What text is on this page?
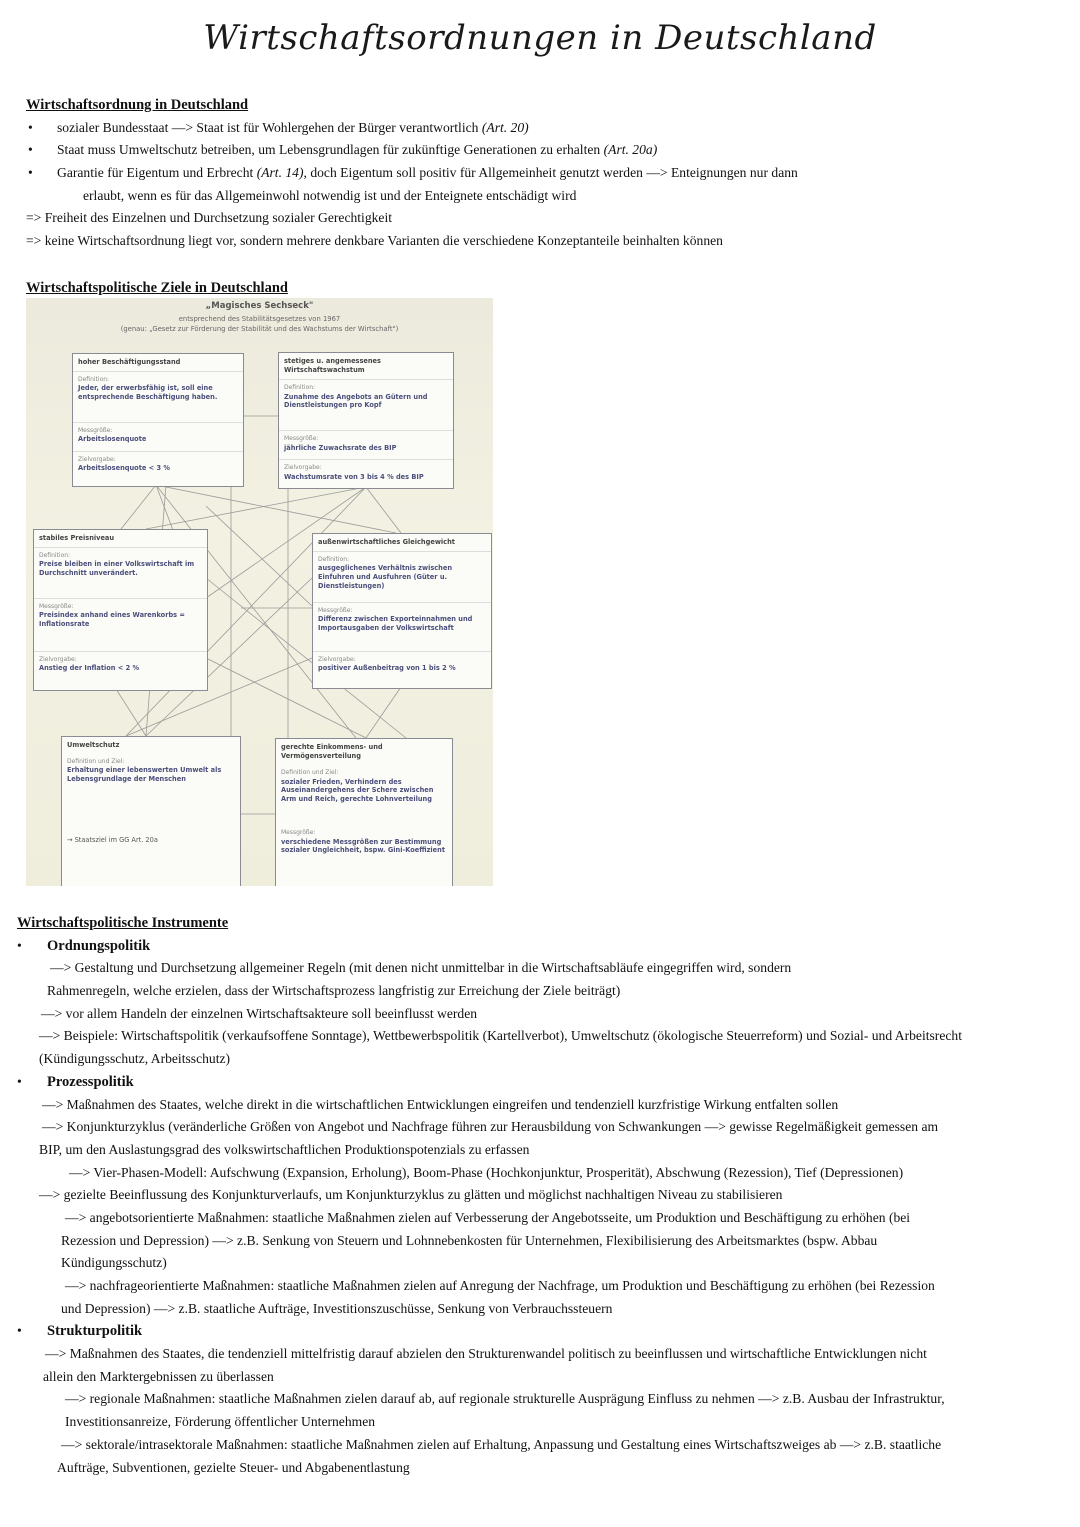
Wirtschaftsordnungen in Deutschland
Wirtschaftsordnung in Deutschland
• sozialer Bundesstaat —> Staat ist für Wohlergehen der Bürger verantwortlich (Art. 20)
• Staat muss Umweltschutz betreiben, um Lebensgrundlagen für zukünftige Generationen zu erhalten (Art. 20a)
• Garantie für Eigentum und Erbrecht (Art. 14), doch Eigentum soll positiv für Allgemeinheit genutzt werden —> Enteignungen nur dann
erlaubt, wenn es für das Allgemeinwohl notwendig ist und der Enteignete entschädigt wird
=> Freiheit des Einzelnen und Durchsetzung sozialer Gerechtigkeit
=> keine Wirtschaftsordnung liegt vor, sondern mehrere denkbare Varianten die verschiedene Konzeptanteile beinhalten können
Wirtschaftspolitische Ziele in Deutschland
„Magisches Sechseck"
entsprechend des Stabilitätsgesetzes von 1967
(genau: „Gesetz zur Förderung der Stabilität und des Wachstums der Wirtschaft")
hoher Beschäftigungsstand
Definition:
Jeder, der erwerbsfähig ist, soll eine entsprechende Beschäftigung haben.
Messgröße:
Arbeitslosenquote
Zielvorgabe:
Arbeitslosenquote < 3 %
stetiges u. angemessenes Wirtschaftswachstum
Definition:
Zunahme des Angebots an Gütern und Dienstleistungen pro Kopf
Messgröße:
jährliche Zuwachsrate des BIP
Zielvorgabe:
Wachstumsrate von 3 bis 4 % des BIP
stabiles Preisniveau
Definition:
Preise bleiben in einer Volkswirtschaft im Durchschnitt unverändert.
Messgröße:
Preisindex anhand eines Warenkorbs = Inflationsrate
Zielvorgabe:
Anstieg der Inflation < 2 %
außenwirtschaftliches Gleichgewicht
Definition:
ausgeglichenes Verhältnis zwischen Einfuhren und Ausfuhren (Güter u. Dienstleistungen)
Messgröße:
Differenz zwischen Exporteinnahmen und Importausgaben der Volkswirtschaft
Zielvorgabe:
positiver Außenbeitrag von 1 bis 2 %
Umweltschutz
Definition und Ziel:
Erhaltung einer lebenswerten Umwelt als Lebensgrundlage der Menschen
→ Staatsziel im GG Art. 20a
gerechte Einkommens- und Vermögensverteilung
Definition und Ziel:
sozialer Frieden, Verhindern des Auseinandergehens der Schere zwischen Arm und Reich, gerechte Lohnverteilung
Messgröße:
verschiedene Messgrößen zur Bestimmung sozialer Ungleichheit, bspw. Gini-Koeffizient
Wirtschaftspolitische Instrumente
• Ordnungspolitik
—> Gestaltung und Durchsetzung allgemeiner Regeln (mit denen nicht unmittelbar in die Wirtschaftsabläufe eingegriffen wird, sondern
Rahmenregeln, welche erzielen, dass der Wirtschaftsprozess langfristig zur Erreichung der Ziele beiträgt)
—> vor allem Handeln der einzelnen Wirtschaftsakteure soll beeinflusst werden
—> Beispiele: Wirtschaftspolitik (verkaufsoffene Sonntage), Wettbewerbspolitik (Kartellverbot), Umweltschutz (ökologische Steuerreform) und Sozial- und Arbeitsrecht
(Kündigungsschutz, Arbeitsschutz)
• Prozesspolitik
—> Maßnahmen des Staates, welche direkt in die wirtschaftlichen Entwicklungen eingreifen und tendenziell kurzfristige Wirkung entfalten sollen
—> Konjunkturzyklus (veränderliche Größen von Angebot und Nachfrage führen zur Herausbildung von Schwankungen —> gewisse Regelmäßigkeit gemessen am
BIP, um den Auslastungsgrad des volkswirtschaftlichen Produktionspotenzials zu erfassen
—> Vier-Phasen-Modell: Aufschwung (Expansion, Erholung), Boom-Phase (Hochkonjunktur, Prosperität), Abschwung (Rezession), Tief (Depressionen)
—> gezielte Beeinflussung des Konjunkturverlaufs, um Konjunkturzyklus zu glätten und möglichst nachhaltigen Niveau zu stabilisieren
—> angebotsorientierte Maßnahmen: staatliche Maßnahmen zielen auf Verbesserung der Angebotsseite, um Produktion und Beschäftigung zu erhöhen (bei
Rezession und Depression) —> z.B. Senkung von Steuern und Lohnnebenkosten für Unternehmen, Flexibilisierung des Arbeitsmarktes (bspw. Abbau
Kündigungsschutz)
—> nachfrageorientierte Maßnahmen: staatliche Maßnahmen zielen auf Anregung der Nachfrage, um Produktion und Beschäftigung zu erhöhen (bei Rezession
und Depression) —> z.B. staatliche Aufträge, Investitionszuschüsse, Senkung von Verbrauchssteuern
• Strukturpolitik
—> Maßnahmen des Staates, die tendenziell mittelfristig darauf abzielen den Strukturenwandel politisch zu beeinflussen und wirtschaftliche Entwicklungen nicht
allein den Marktergebnissen zu überlassen
—> regionale Maßnahmen: staatliche Maßnahmen zielen darauf ab, auf regionale strukturelle Ausprägung Einfluss zu nehmen —> z.B. Ausbau der Infrastruktur,
Investitionsanreize, Förderung öffentlicher Unternehmen
—> sektorale/intrasektorale Maßnahmen: staatliche Maßnahmen zielen auf Erhaltung, Anpassung und Gestaltung eines Wirtschaftszweiges ab —> z.B. staatliche
Aufträge, Subventionen, gezielte Steuer- und Abgabenentlastung
